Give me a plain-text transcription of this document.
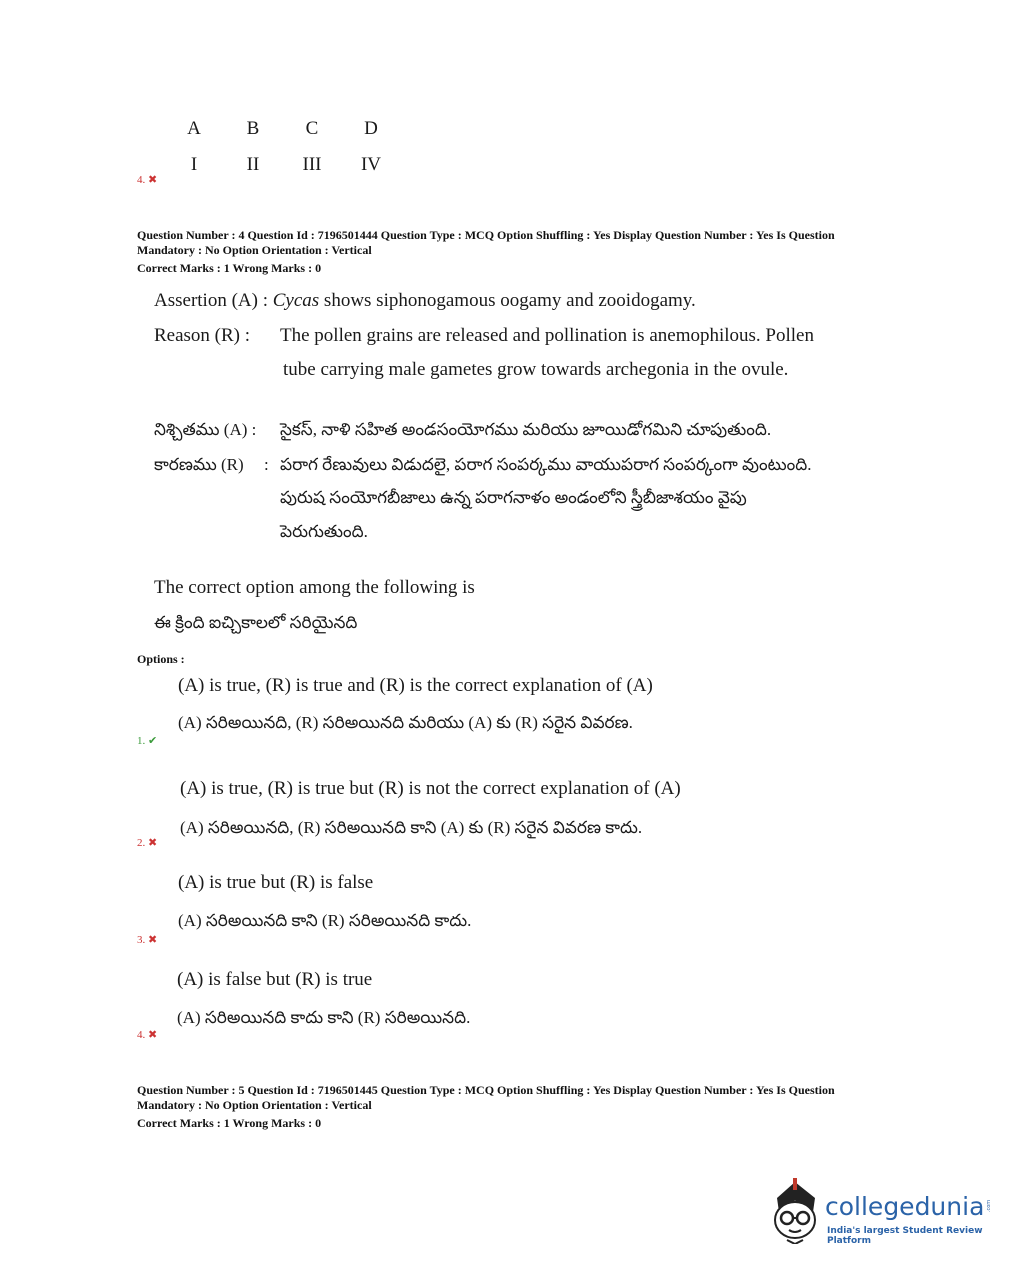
A	B	C	D
I	II	III	IV
4. ✖
Question Number : 4 Question Id : 7196501444 Question Type : MCQ Option Shuffling : Yes Display Question Number : Yes Is Question
Mandatory : No Option Orientation : Vertical
Correct Marks : 1 Wrong Marks : 0
Assertion (A) : Cycas shows siphonogamous oogamy and zooidogamy.
Reason (R) : The pollen grains are released and pollination is anemophilous. Pollen
tube carrying male gametes grow towards archegonia in the ovule.
నిశ్చితము (A) : సైకస్, నాళి సహిత అండసంయోగము మరియు జూయిడోగమిని చూపుతుంది.
కారణము (R) : పరాగ రేణువులు విడుదలై, పరాగ సంపర్కము వాయుపరాగ సంపర్కంగా వుంటుంది.
పురుష సంయోగబీజాలు ఉన్న పరాగనాళం అండంలోని స్త్రీబీజాశయం వైపు
పెరుగుతుంది.
The correct option among the following is
ఈ క్రింది ఐచ్చికాలలో సరియైనది
Options :
(A) is true, (R) is true and (R) is the correct explanation of (A)
(A) సరిఅయినది, (R) సరిఅయినది మరియు (A) కు (R) సరైన వివరణ.
1. ✔
(A) is true, (R) is true but (R) is not the correct explanation of (A)
(A) సరిఅయినది, (R) సరిఅయినది కాని (A) కు (R) సరైన వివరణ కాదు.
2. ✖
(A) is true but (R) is false
(A) సరిఅయినది కాని (R) సరిఅయినది కాదు.
3. ✖
(A) is false but (R) is true
(A) సరిఅయినది కాదు కాని (R) సరిఅయినది.
4. ✖
Question Number : 5 Question Id : 7196501445 Question Type : MCQ Option Shuffling : Yes Display Question Number : Yes Is Question
Mandatory : No Option Orientation : Vertical
Correct Marks : 1 Wrong Marks : 0
collegedunia .com
India's largest Student Review Platform
